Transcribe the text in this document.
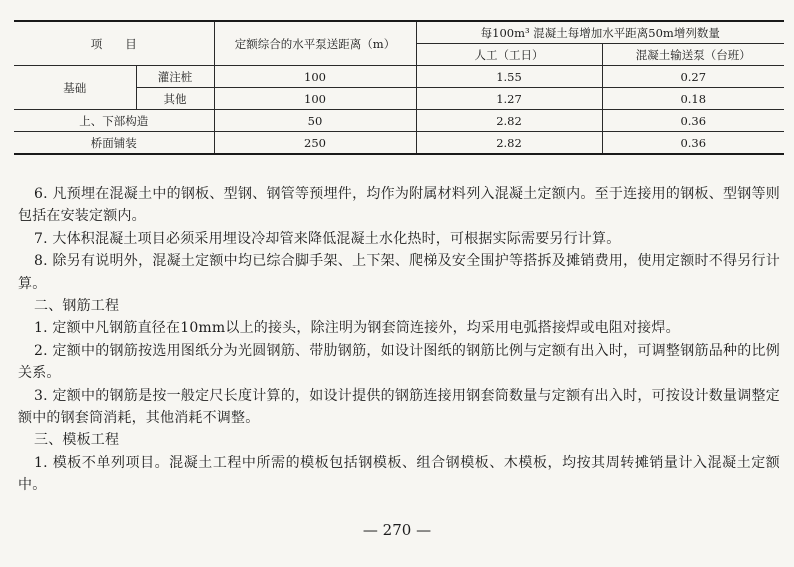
项　　目		定额综合的水平泵送距离（m）	每100m³ 混凝土每增加水平距离50m增列数量	
			人工（工日）	混凝土输送泵（台班）
基础	灌注桩	100	1.55	0.27
	其他	100	1.27	0.18
上、下部构造		50	2.82	0.36
桥面铺装		250	2.82	0.36

6. 凡预埋在混凝土中的钢板、型钢、钢管等预埋件，均作为附属材料列入混凝土定额内。至于连接用的钢板、型钢等则包括在安装定额内。

7. 大体积混凝土项目必须采用埋设冷却管来降低混凝土水化热时，可根据实际需要另行计算。

8. 除另有说明外，混凝土定额中均已综合脚手架、上下架、爬梯及安全围护等搭拆及摊销费用，使用定额时不得另行计算。

二、钢筋工程

1. 定额中凡钢筋直径在10mm以上的接头，除注明为钢套筒连接外，均采用电弧搭接焊或电阻对接焊。

2. 定额中的钢筋按选用图纸分为光圆钢筋、带肋钢筋，如设计图纸的钢筋比例与定额有出入时，可调整钢筋品种的比例关系。

3. 定额中的钢筋是按一般定尺长度计算的，如设计提供的钢筋连接用钢套筒数量与定额有出入时，可按设计数量调整定额中的钢套筒消耗，其他消耗不调整。

三、模板工程

1. 模板不单列项目。混凝土工程中所需的模板包括钢模板、组合钢模板、木模板，均按其周转摊销量计入混凝土定额中。

— 270 —
